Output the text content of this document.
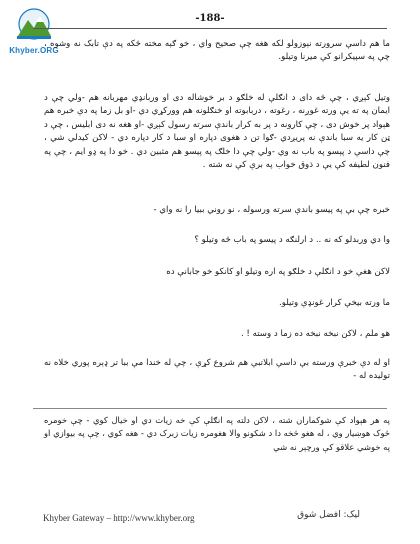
Khyber.ORG
-188-

ما هم داسې سرورته نېوزولو لکه هغه چې صحیح واي ، خو ګېه مخته څکه په دې تابک نه وشوه ، چې په سپیکرانو کې میرنا وتیلو.

وتیل کېږي ، چې څه دای د انګلې له خلګو د بر خوشاله دی او وربانډي مهربانه هم -ولي چې د ایمان په ته یې ورته غوږنه ، رغوته ، دربابوته او خنګلونه هم وورکړي دي -او بل زما په دې خبره هم هېواد پر خوش دی ، چې کارونه د پر به کرار باندې سرته رسول کېږي -او هغه نه دی ابلیس ، چې د ټن کار یه سبا باندې نه پریږدي -ګوا تن د هغوی دپاره او سبا د کار دپاره دي - لاکن کیدلي شي ، چې داسې د پېسو په باب نه وي -ولي چې دا خلګ په پیسو هم مثبین دي . خو دا په ډو ایم ، چې په فنون لطیفه کې یې د ذوق خواب په برې کې نه شته .

خبره چې بې په پیسو باندې سرته ورسوله ، نو روني ببیا را نه واي -
وا دي وربدلو که نه .. د ارلنګه د پیسو په باب څه وتیلو ؟
لاکن هغې خو د انګلې د خلګو په اره وتیلو او کانکو خو جابانې ده
ما ورته بیخې کرار غونډې وتیلو.
هو ملم ، لاکن نبخه نبخه ده زما د وسته ! .

او له دې خبرې ورسته بې داسې ابلاتبې هم شروع کړې ، چې له خندا مې ببا تر ډېره پوري خلاه نه تولیده له -

په هر هېواد کې شوکماران شته ، لاکن دلته په انګلې کې خه زیات دي او خیال کوي - چې خومره څوک هوښیار وي ، له هغو څخه دا د شکونو والا هغومره زیات زبرک دي - هغه کوي ، چې په بیوازي او په خوشي علاقو کې ورچېر نه شي

Khyber Gateway – http://www.khyber.org	لیک: افضل شوق
